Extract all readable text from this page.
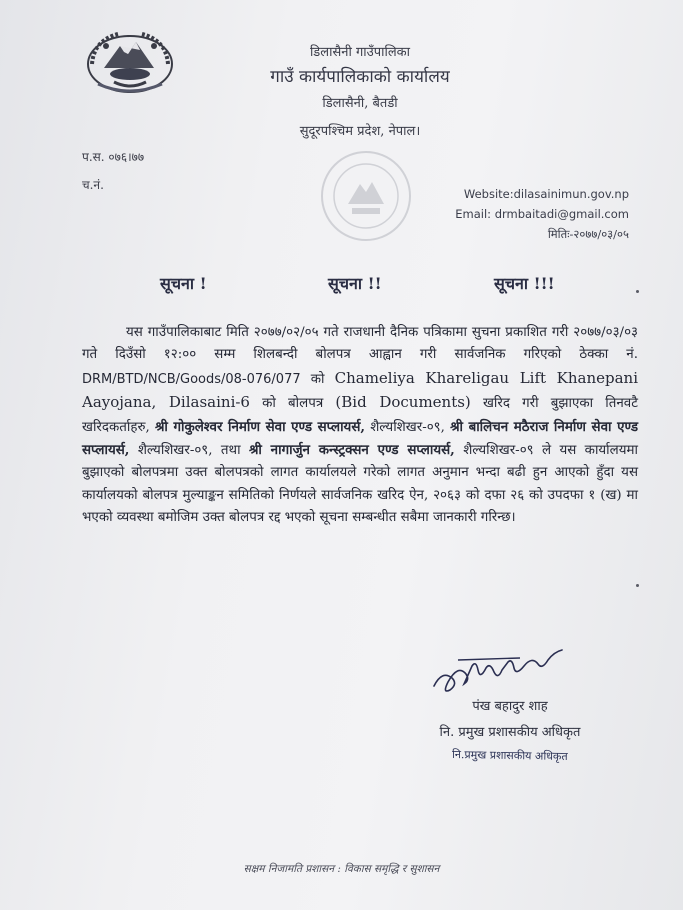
डिलासैनी गाउँपालिका
गाउँ कार्यपालिकाको कार्यालय
डिलासैनी, बैतडी
सुदूरपश्चिम प्रदेश, नेपाल।
प.स. ०७६।७७
च.नं.
Website:dilasainimun.gov.np
Email: drmbaitadi@gmail.com
मितिः-२०७७/०३/०५
सूचना !	सूचना !!	सूचना !!!
यस गाउँपालिकाबाट मिति २०७७/०२/०५ गते राजधानी दैनिक पत्रिकामा सुचना प्रकाशित गरी २०७७/०३/०३ गते दिउँसो १२:०० सम्म शिलबन्दी बोलपत्र आह्वान गरी सार्वजनिक गरिएको ठेक्का नं. DRM/BTD/NCB/Goods/08-076/077 को Chameliya Khareligau Lift Khanepani Aayojana, Dilasaini-6 को बोलपत्र (Bid Documents) खरिद गरी बुझाएका तिनवटै खरिदकर्ताहरु, श्री गोकुलेश्वर निर्माण सेवा एण्ड सप्लायर्स, शैल्यशिखर-०९, श्री बालिचन मठैराज निर्माण सेवा एण्ड सप्लायर्स, शैल्यशिखर-०९, तथा श्री नागार्जुन कन्स्ट्रक्सन एण्ड सप्लायर्स, शैल्यशिखर-०९ ले यस कार्यालयमा बुझाएको बोलपत्रमा उक्त बोलपत्रको लागत कार्यालयले गरेको लागत अनुमान भन्दा बढी हुन आएको हुँदा यस कार्यालयको बोलपत्र मुल्याङ्कन समितिको निर्णयले सार्वजनिक खरिद ऐन, २०६३ को दफा २६ को उपदफा १ (ख) मा भएको व्यवस्था बमोजिम उक्त बोलपत्र रद्द भएको सूचना सम्बन्धीत सबैमा जानकारी गरिन्छ।
पंख बहादुर शाह
नि. प्रमुख प्रशासकीय अधिकृत
नि.प्रमुख प्रशासकीय अधिकृत
सक्षम निजामति प्रशासन : विकास समृद्धि र सुशासन
